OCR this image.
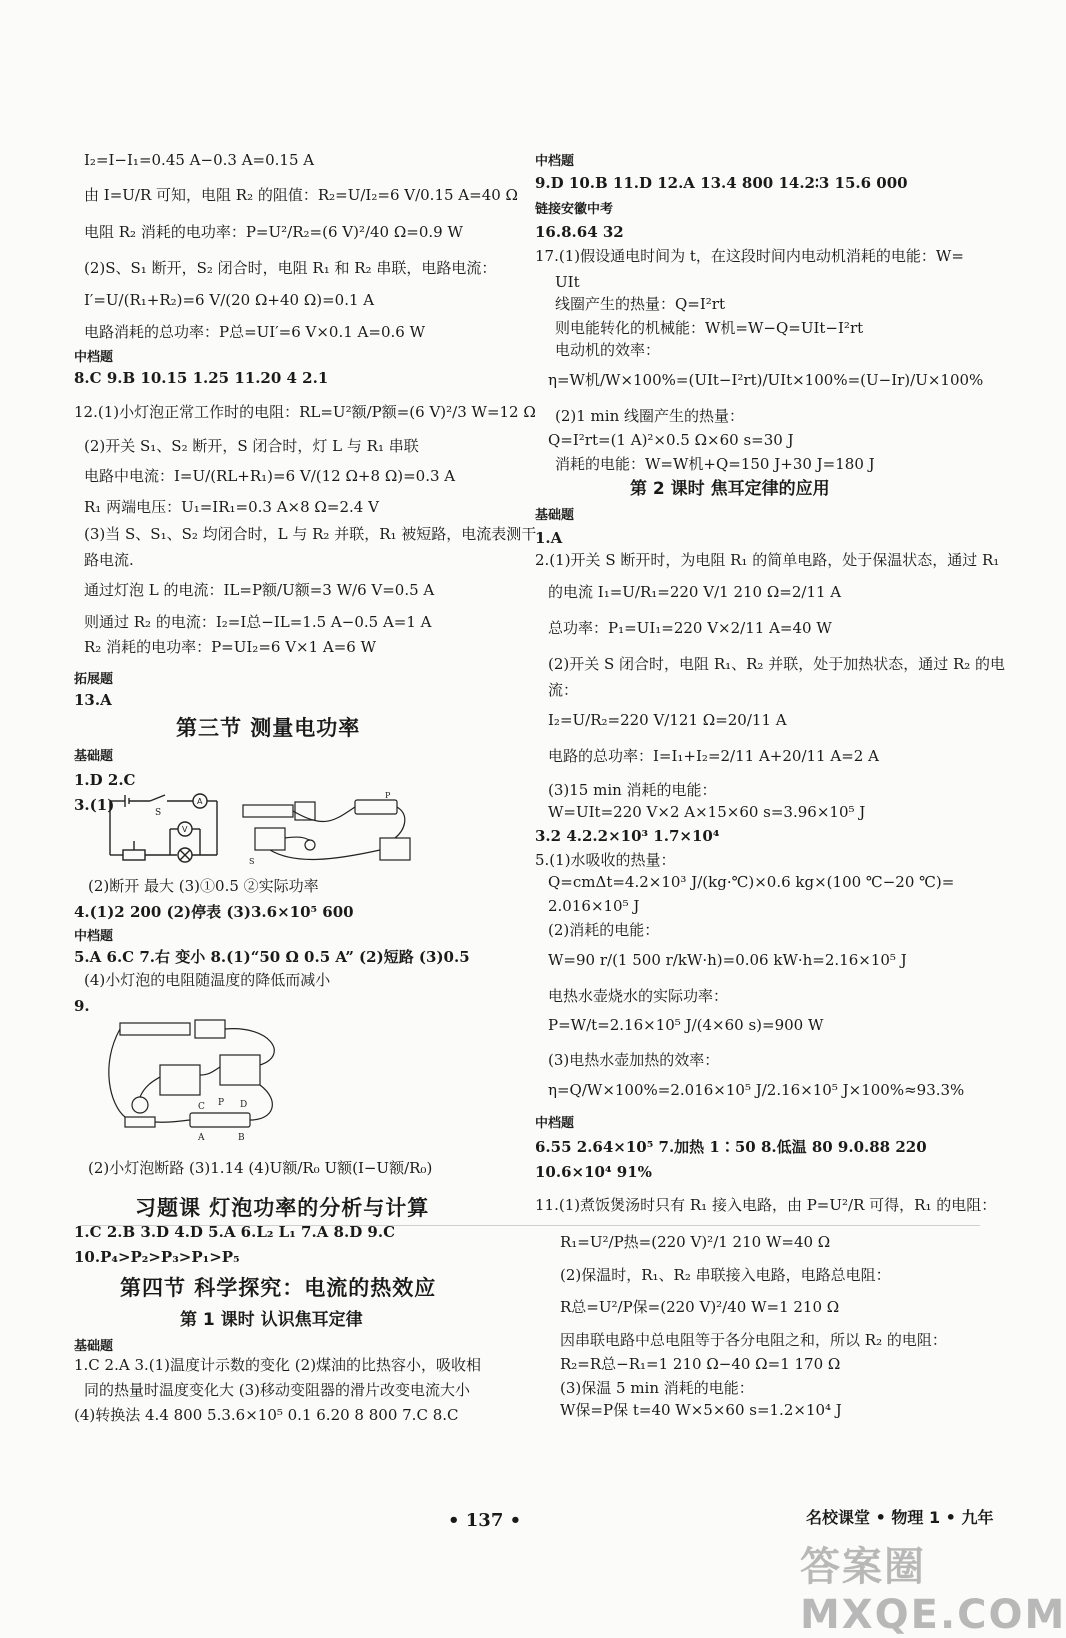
A
V
S
S
P
C P D
A	B
• 137 •	名校课堂 • 物理 1 • 九年
答案圈 MXQE.COM
I₂=I−I₁=0.45 A−0.3 A=0.15 A
由 I=U/R 可知，电阻 R₂ 的阻值：R₂=U/I₂=6 V/0.15 A=40 Ω
电阻 R₂ 消耗的电功率：P=U²/R₂=(6 V)²/40 Ω=0.9 W
(2)S、S₁ 断开，S₂ 闭合时，电阻 R₁ 和 R₂ 串联，电路电流：
I′=U/(R₁+R₂)=6 V/(20 Ω+40 Ω)=0.1 A
电路消耗的总功率：P总=UI′=6 V×0.1 A=0.6 W
8.C 9.B 10.15 1.25 11.20 4 2.1
12.(1)小灯泡正常工作时的电阻：RL=U²额/P额=(6 V)²/3 W=12 Ω
(2)开关 S₁、S₂ 断开，S 闭合时，灯 L 与 R₁ 串联
电路中电流：I=U/(RL+R₁)=6 V/(12 Ω+8 Ω)=0.3 A
R₁ 两端电压：U₁=IR₁=0.3 A×8 Ω=2.4 V
(3)当 S、S₁、S₂ 均闭合时，L 与 R₂ 并联，R₁ 被短路，电流表测干
路电流.
通过灯泡 L 的电流：IL=P额/U额=3 W/6 V=0.5 A
则通过 R₂ 的电流：I₂=I总−IL=1.5 A−0.5 A=1 A
R₂ 消耗的电功率：P=UI₂=6 V×1 A=6 W
13.A
1.D 2.C
3.(1)
(2)断开 最大 (3)①0.5 ②实际功率
4.(1)2 200 (2)停表 (3)3.6×10⁵ 600
5.A 6.C 7.右 变小 8.(1)“50 Ω 0.5 A” (2)短路 (3)0.5
(4)小灯泡的电阻随温度的降低而减小
9.
(2)小灯泡断路 (3)1.14 (4)U额/R₀ U额(I−U额/R₀)
1.C 2.B 3.D 4.D 5.A 6.L₂ L₁ 7.A 8.D 9.C
10.P₄>P₂>P₃>P₁>P₅
1.C 2.A 3.(1)温度计示数的变化 (2)煤油的比热容小，吸收相
同的热量时温度变化大 (3)移动变阻器的滑片改变电流大小
(4)转换法 4.4 800 5.3.6×10⁵ 0.1 6.20 8 800 7.C 8.C
中档题
拓展题
基础题
中档题
基础题
第三节 测量电功率
习题课 灯泡功率的分析与计算
第四节 科学探究：电流的热效应
第 1 课时 认识焦耳定律
9.D 10.B 11.D 12.A 13.4 800 14.2∶3 15.6 000
16.8.64 32
17.(1)假设通电时间为 t，在这段时间内电动机消耗的电能：W=
UIt
线圈产生的热量：Q=I²rt
则电能转化的机械能：W机=W−Q=UIt−I²rt
电动机的效率：
η=W机/W×100%=(UIt−I²rt)/UIt×100%=(U−Ir)/U×100%
(2)1 min 线圈产生的热量：
Q=I²rt=(1 A)²×0.5 Ω×60 s=30 J
消耗的电能：W=W机+Q=150 J+30 J=180 J
1.A
2.(1)开关 S 断开时，为电阻 R₁ 的简单电路，处于保温状态，通过 R₁
的电流 I₁=U/R₁=220 V/1 210 Ω=2/11 A
总功率：P₁=UI₁=220 V×2/11 A=40 W
(2)开关 S 闭合时，电阻 R₁、R₂ 并联，处于加热状态，通过 R₂ 的电
流：
I₂=U/R₂=220 V/121 Ω=20/11 A
电路的总功率：I=I₁+I₂=2/11 A+20/11 A=2 A
(3)15 min 消耗的电能：
W=UIt=220 V×2 A×15×60 s=3.96×10⁵ J
3.2 4.2.2×10³ 1.7×10⁴
5.(1)水吸收的热量：
Q=cmΔt=4.2×10³ J/(kg·℃)×0.6 kg×(100 ℃−20 ℃)=
2.016×10⁵ J
(2)消耗的电能：
W=90 r/(1 500 r/kW·h)=0.06 kW·h=2.16×10⁵ J
电热水壶烧水的实际功率：
P=W/t=2.16×10⁵ J/(4×60 s)=900 W
(3)电热水壶加热的效率：
η=Q/W×100%=2.016×10⁵ J/2.16×10⁵ J×100%≈93.3%
6.55 2.64×10⁵ 7.加热 1∶50 8.低温 80 9.0.88 220
10.6×10⁴ 91%
11.(1)煮饭煲汤时只有 R₁ 接入电路，由 P=U²/R 可得，R₁ 的电阻：
R₁=U²/P热=(220 V)²/1 210 W=40 Ω
(2)保温时，R₁、R₂ 串联接入电路，电路总电阻：
R总=U²/P保=(220 V)²/40 W=1 210 Ω
因串联电路中总电阻等于各分电阻之和，所以 R₂ 的电阻：
R₂=R总−R₁=1 210 Ω−40 Ω=1 170 Ω
(3)保温 5 min 消耗的电能：
W保=P保 t=40 W×5×60 s=1.2×10⁴ J
中档题
链接安徽中考
基础题
中档题
第 2 课时 焦耳定律的应用
